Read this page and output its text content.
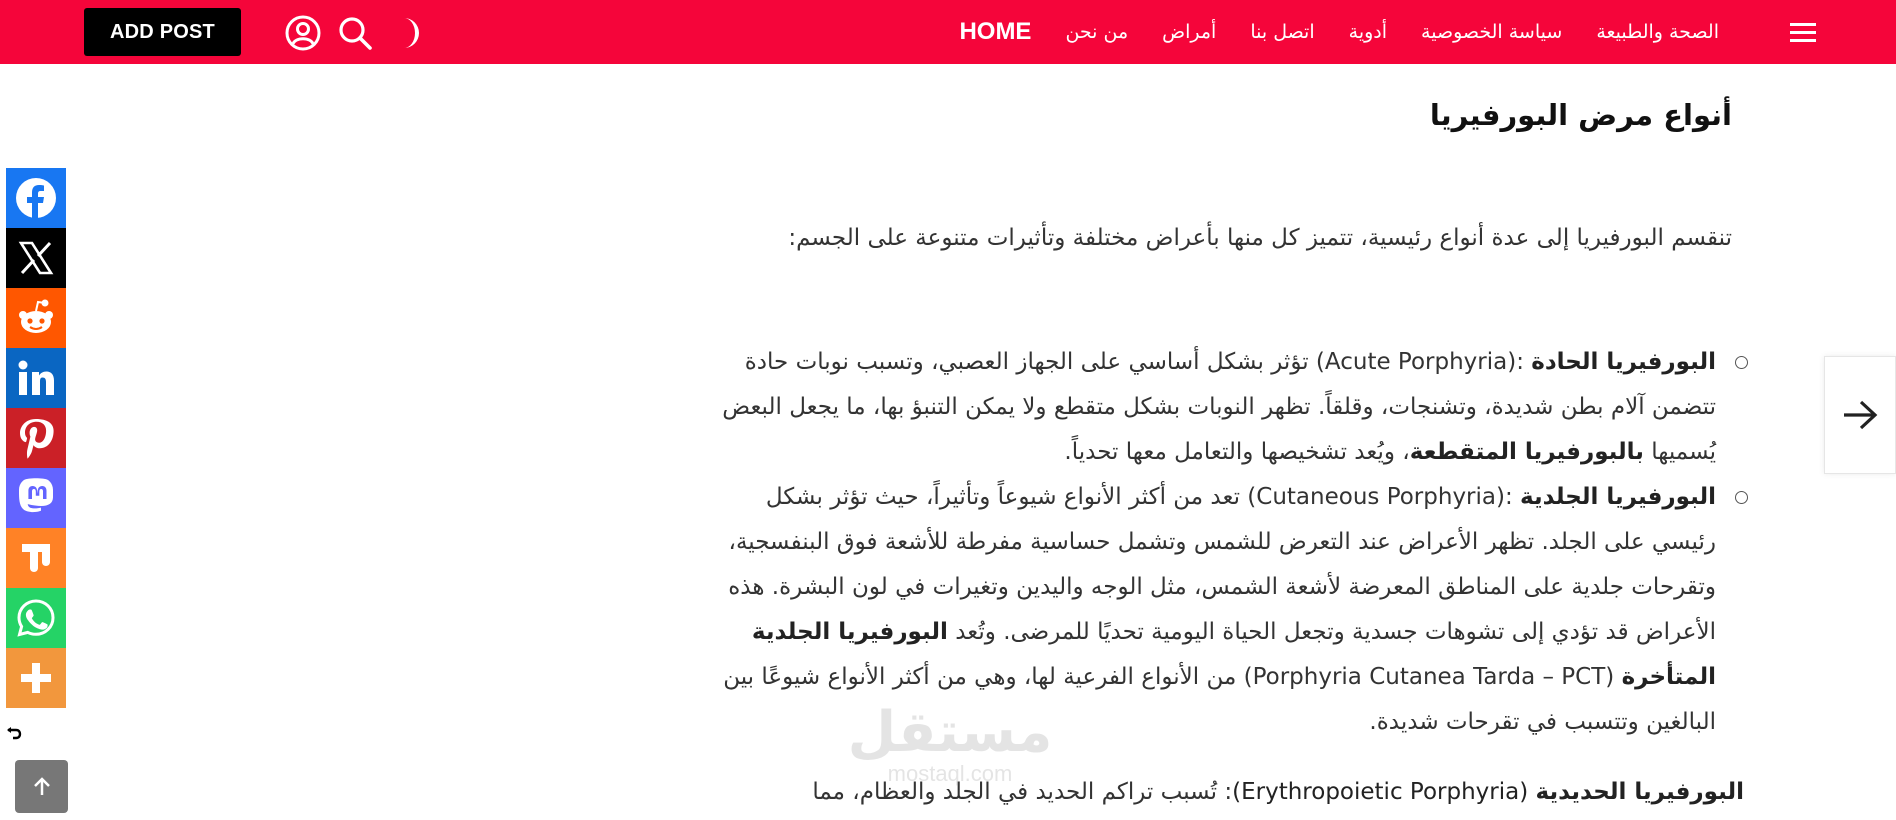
ADD POST	HOME	من نحن	أمراض	اتصل بنا	أدوية	سياسة الخصوصية	الصحة والطبيعة
أنواع مرض البورفيريا

تنقسم البورفيريا إلى عدة أنواع رئيسية، تتميز كل منها بأعراض مختلفة وتأثيرات متنوعة على الجسم:

البورفيريا الحادة (Acute Porphyria): تؤثر بشكل أساسي على الجهاز العصبي، وتسبب نوبات حادة تتضمن آلام بطن شديدة، وتشنجات، وقلقاً. تظهر النوبات بشكل متقطع ولا يمكن التنبؤ بها، ما يجعل البعض يُسميها بالبورفيريا المتقطعة، ويُعد تشخيصها والتعامل معها تحدياً.
البورفيريا الجلدية (Cutaneous Porphyria): تعد من أكثر الأنواع شيوعاً وتأثيراً، حيث تؤثر بشكل رئيسي على الجلد. تظهر الأعراض عند التعرض للشمس وتشمل حساسية مفرطة للأشعة فوق البنفسجية، وتقرحات جلدية على المناطق المعرضة لأشعة الشمس، مثل الوجه واليدين وتغيرات في لون البشرة. هذه الأعراض قد تؤدي إلى تشوهات جسدية وتجعل الحياة اليومية تحديًا للمرضى. وتُعد البورفيريا الجلدية المتأخرة (Porphyria Cutanea Tarda – PCT) من الأنواع الفرعية لها، وهي من أكثر الأنواع شيوعًا بين البالغين وتتسبب في تقرحات شديدة.

البورفيريا الحديدية (Erythropoietic Porphyria): تُسبب تراكم الحديد في الجلد والعظام، مما

مستقل
mostaql.com
